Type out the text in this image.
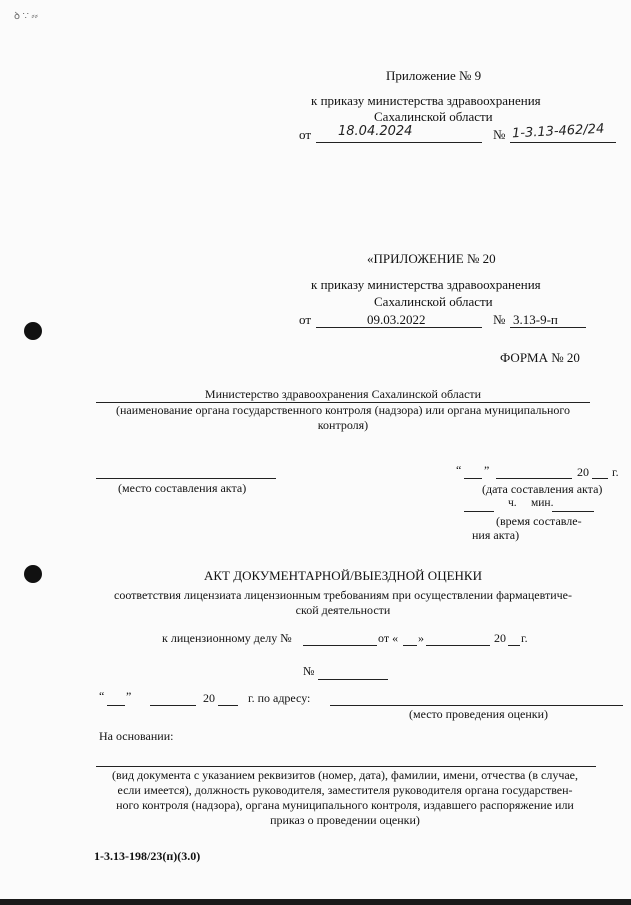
ꝺ ∵ ⸗⸗
Приложение № 9
к приказу министерства здравоохранения
Сахалинской области
от 18.04.2024	№ 1-3.13-462/24
«ПРИЛОЖЕНИЕ № 20
к приказу министерства здравоохранения
Сахалинской области
от	09.03.2022	№ 3.13-9-п
ФОРМА № 20
Министерство здравоохранения Сахалинской области
(наименование органа государственного контроля (надзора) или органа муниципального
контроля)
(место составления акта)
“ ”	20 г.
(дата составления акта)
ч. мин.
(время составле-
ния акта)
АКТ ДОКУМЕНТАРНОЙ/ВЫЕЗДНОЙ ОЦЕНКИ
соответствия лицензиата лицензионным требованиям при осуществлении фармацевтиче-
ской деятельности
к лицензионному делу №	от « »	20 г.
№
“ ”	20	г. по адресу:
(место проведения оценки)
На основании:
(вид документа с указанием реквизитов (номер, дата), фамилии, имени, отчества (в случае,
если имеется), должность руководителя, заместителя руководителя органа государствен-
ного контроля (надзора), органа муниципального контроля, издавшего распоряжение или
приказ о проведении оценки)
1-3.13-198/23(п)(3.0)
